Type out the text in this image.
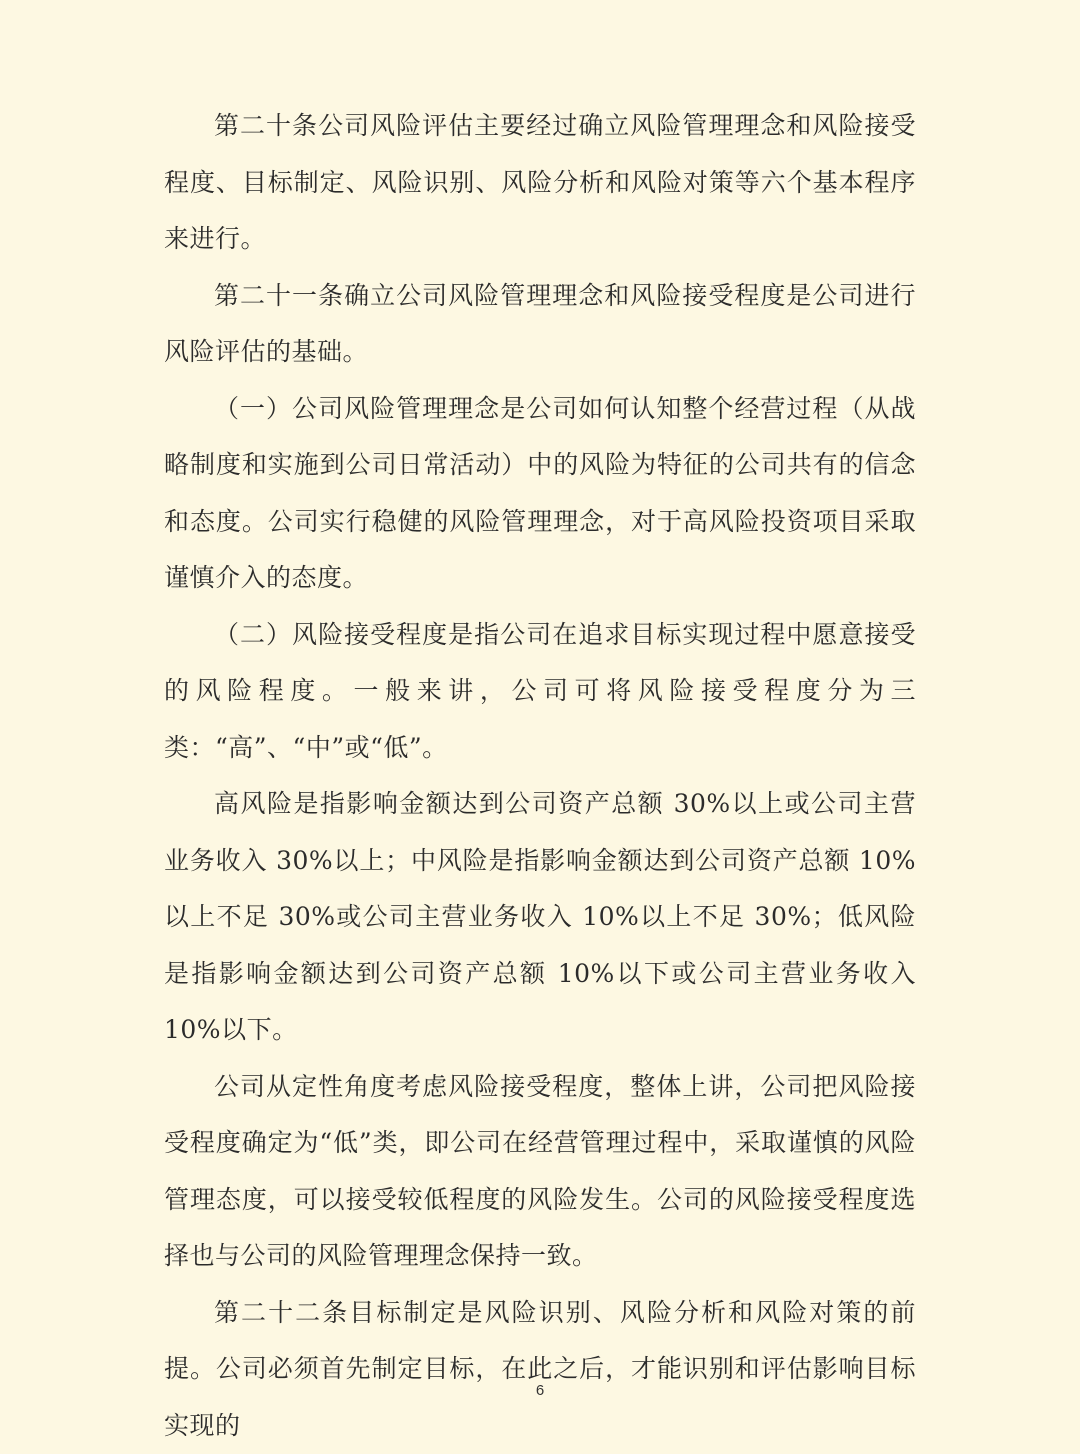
第二十条公司风险评估主要经过确立风险管理理念和风险接受程度、目标制定、风险识别、风险分析和风险对策等六个基本程序来进行。

第二十一条确立公司风险管理理念和风险接受程度是公司进行风险评估的基础。

（一）公司风险管理理念是公司如何认知整个经营过程（从战略制度和实施到公司日常活动）中的风险为特征的公司共有的信念和态度。公司实行稳健的风险管理理念，对于高风险投资项目采取谨慎介入的态度。

（二）风险接受程度是指公司在追求目标实现过程中愿意接受的风险程度。一般来讲，公司可将风险接受程度分为三类：“高”、“中”或“低”。

高风险是指影响金额达到公司资产总额 30%以上或公司主营业务收入 30%以上；中风险是指影响金额达到公司资产总额 10%以上不足 30%或公司主营业务收入 10%以上不足 30%；低风险是指影响金额达到公司资产总额 10%以下或公司主营业务收入 10%以下。

公司从定性角度考虑风险接受程度，整体上讲，公司把风险接受程度确定为“低”类，即公司在经营管理过程中，采取谨慎的风险管理态度，可以接受较低程度的风险发生。公司的风险接受程度选择也与公司的风险管理理念保持一致。

第二十二条目标制定是风险识别、风险分析和风险对策的前提。公司必须首先制定目标，在此之后，才能识别和评估影响目标实现的

6
